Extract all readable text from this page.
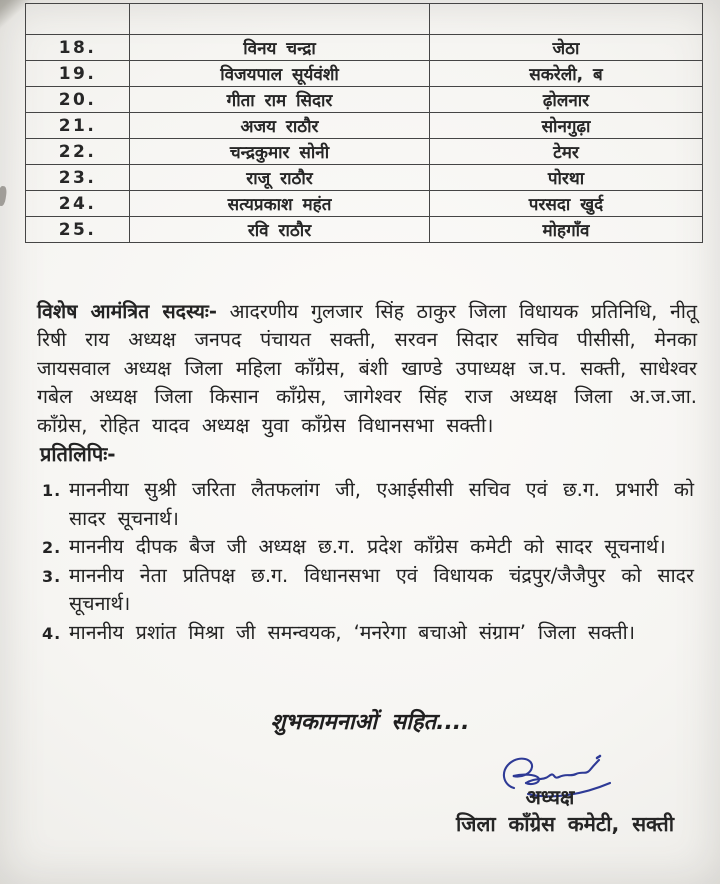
18.	विनय चन्द्रा	जेठा
19.	विजयपाल सूर्यवंशी	सकरेली, ब
20.	गीता राम सिदार	ढ़ोलनार
21.	अजय राठौर	सोनगुढ़ा
22.	चन्द्रकुमार सोनी	टेमर
23.	राजू राठौर	पोरथा
24.	सत्यप्रकाश महंत	परसदा खुर्द
25.	रवि राठौर	मोहगाँव

विशेष आमंत्रित सदस्यः- आदरणीय गुलजार सिंह ठाकुर जिला विधायक प्रतिनिधि, नीतू रिषी राय अध्यक्ष जनपद पंचायत सक्ती, सरवन सिदार सचिव पीसीसी, मेनका जायसवाल अध्यक्ष जिला महिला काँग्रेस, बंशी खाण्डे उपाध्यक्ष ज.प. सक्ती, साधेश्वर गबेल अध्यक्ष जिला किसान काँग्रेस, जागेश्वर सिंह राज अध्यक्ष जिला अ.ज.जा. काँग्रेस, रोहित यादव अध्यक्ष युवा काँग्रेस विधानसभा सक्ती।

प्रतिलिपिः-
माननीया सुश्री जरिता लैतफलांग जी, एआईसीसी सचिव एवं छ.ग. प्रभारी को सादर सूचनार्थ।
माननीय दीपक बैज जी अध्यक्ष छ.ग. प्रदेश काँग्रेस कमेटी को सादर सूचनार्थ।
माननीय नेता प्रतिपक्ष छ.ग. विधानसभा एवं विधायक चंद्रपुर/जैजैपुर को सादर सूचनार्थ।
माननीय प्रशांत मिश्रा जी समन्वयक, ‘मनरेगा बचाओ संग्राम’ जिला सक्ती।
शुभकामनाओं सहित....
अध्यक्ष
जिला काँग्रेस कमेटी, सक्ती
